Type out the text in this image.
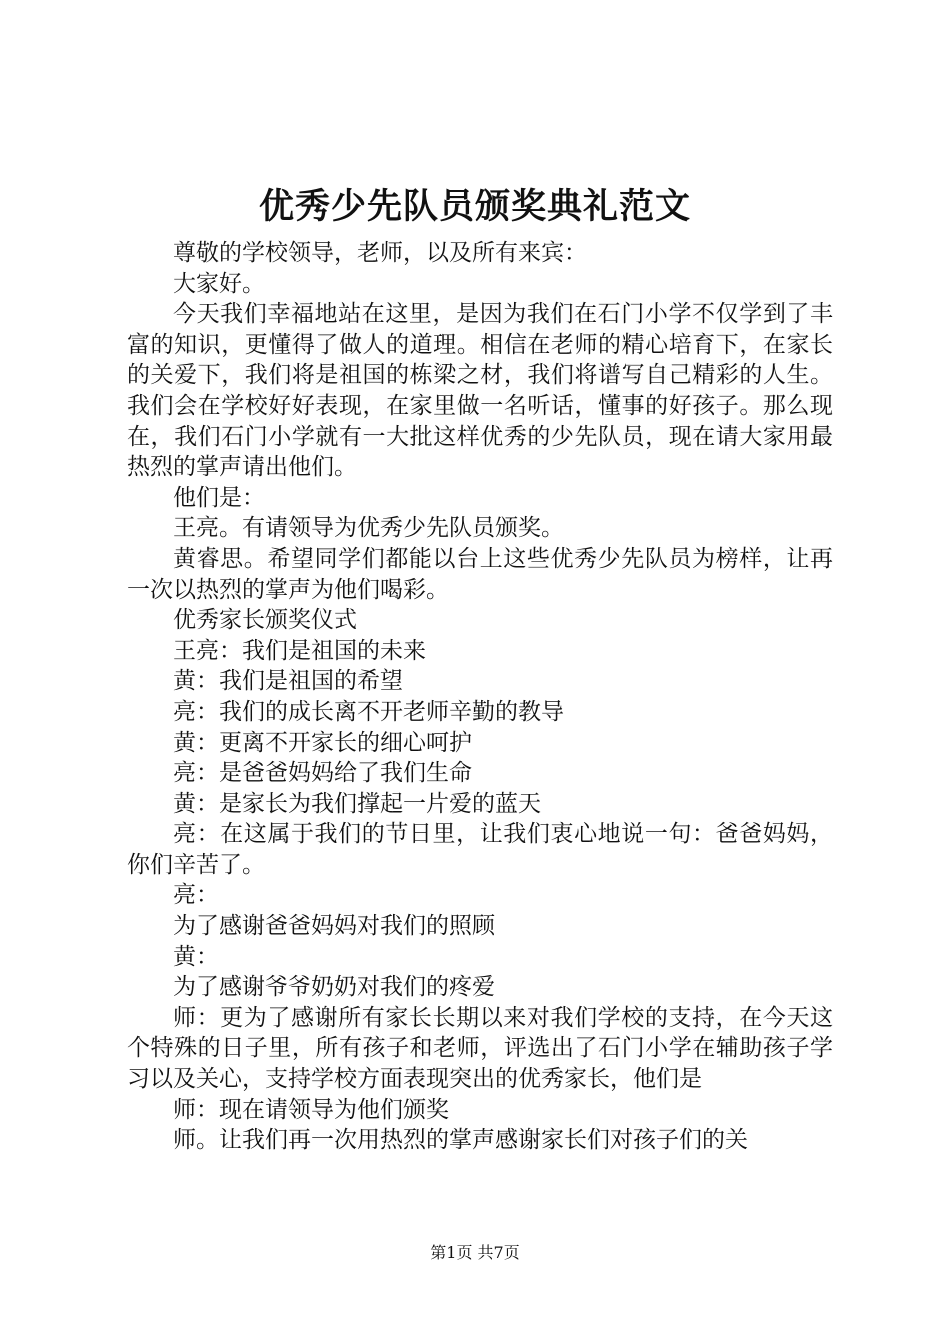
优秀少先队员颁奖典礼范文

尊敬的学校领导，老师，以及所有来宾：

大家好。

今天我们幸福地站在这里，是因为我们在石门小学不仅学到了丰富的知识，更懂得了做人的道理。相信在老师的精心培育下，在家长的关爱下，我们将是祖国的栋梁之材，我们将谱写自己精彩的人生。我们会在学校好好表现，在家里做一名听话，懂事的好孩子。那么现在，我们石门小学就有一大批这样优秀的少先队员，现在请大家用最热烈的掌声请出他们。

他们是：

王亮。有请领导为优秀少先队员颁奖。

黄睿思。希望同学们都能以台上这些优秀少先队员为榜样，让再一次以热烈的掌声为他们喝彩。

优秀家长颁奖仪式

王亮：我们是祖国的未来

黄：我们是祖国的希望

亮：我们的成长离不开老师辛勤的教导

黄：更离不开家长的细心呵护

亮：是爸爸妈妈给了我们生命

黄：是家长为我们撑起一片爱的蓝天

亮：在这属于我们的节日里，让我们衷心地说一句：爸爸妈妈，你们辛苦了。

亮：

为了感谢爸爸妈妈对我们的照顾

黄：

为了感谢爷爷奶奶对我们的疼爱

师：更为了感谢所有家长长期以来对我们学校的支持，在今天这个特殊的日子里，所有孩子和老师，评选出了石门小学在辅助孩子学习以及关心，支持学校方面表现突出的优秀家长，他们是

师：现在请领导为他们颁奖

师。让我们再一次用热烈的掌声感谢家长们对孩子们的关

第1页 共7页
